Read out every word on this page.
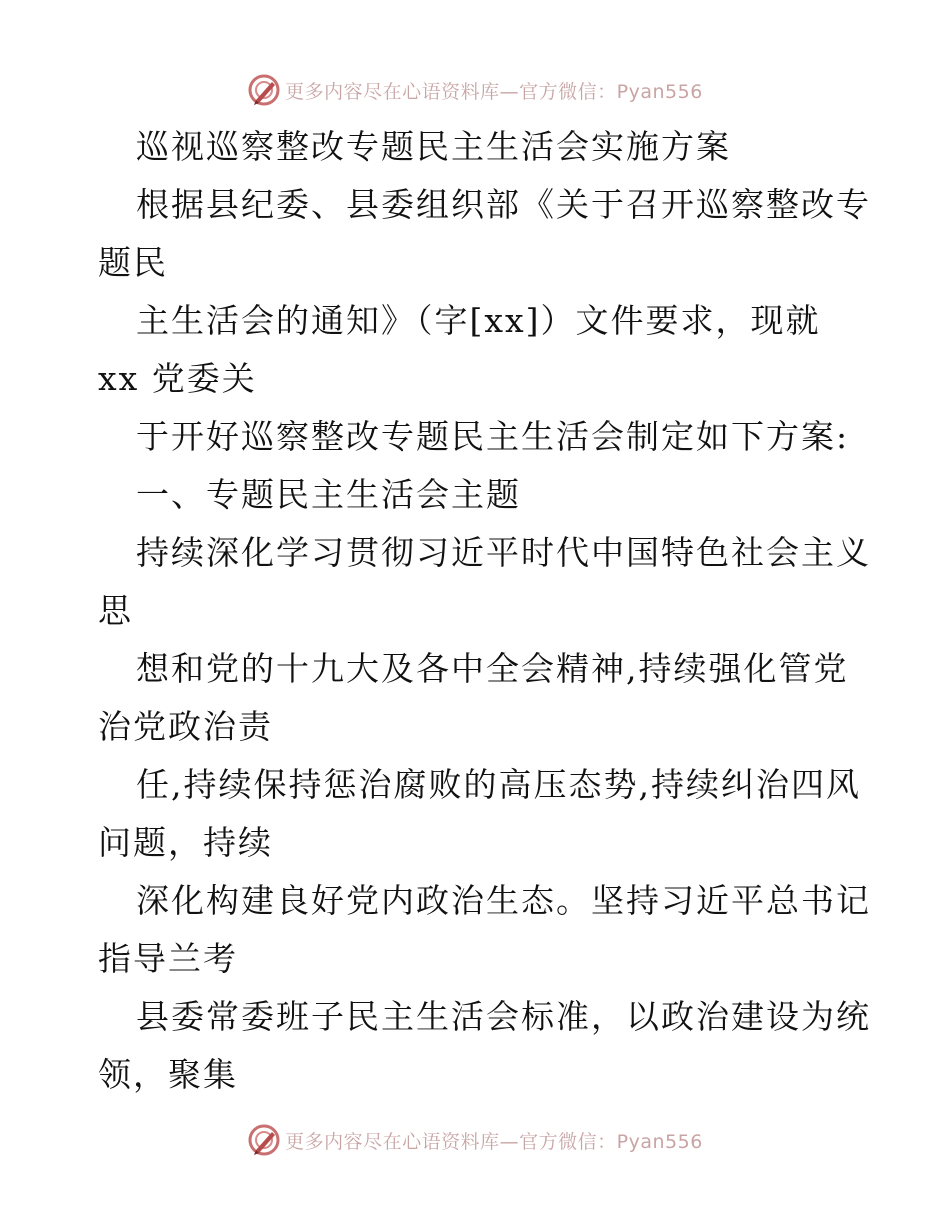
更多内容尽在心语资料库—官方微信：Pyan556
巡视巡察整改专题民主生活会实施方案
根据县纪委、县委组织部《关于召开巡察整改专
题民
主生活会的通知》（字[xx]）文件要求，现就
xx 党委关
于开好巡察整改专题民主生活会制定如下方案:
一、专题民主生活会主题
持续深化学习贯彻习近平时代中国特色社会主义
思
想和党的十九大及各中全会精神,持续强化管党
治党政治责
任,持续保持惩治腐败的高压态势,持续纠治四风
问题，持续
深化构建良好党内政治生态。坚持习近平总书记
指导兰考
县委常委班子民主生活会标准，以政治建设为统
领，聚集
更多内容尽在心语资料库—官方微信：Pyan556
